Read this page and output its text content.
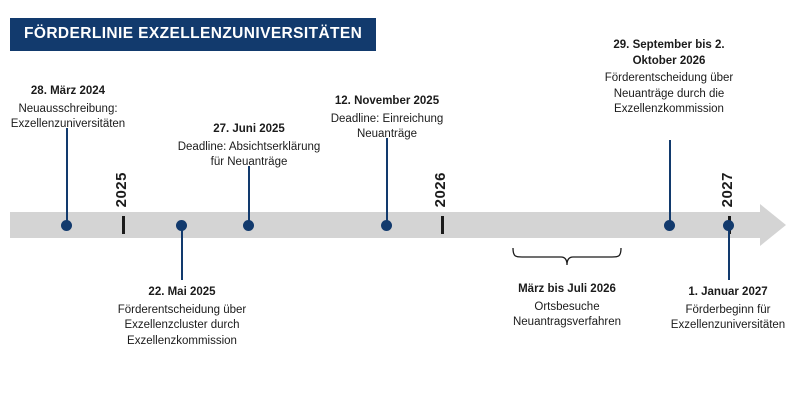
FÖRDERLINIE EXZELLENZUNIVERSITÄTEN
2025	2026	2027
28. März 2024
Neuausschreibung: Exzellenzuniversitäten
22. Mai 2025
Förderentscheidung über Exzellenzcluster durch Exzellenzkommission
27. Juni 2025
Deadline: Absichtserklärung für Neuanträge
12. November 2025
Deadline: Einreichung Neuanträge
29. September bis 2. Oktober 2026
Förderentscheidung über Neuanträge durch die Exzellenzkommission
1. Januar 2027
Förderbeginn für Exzellenzuniversitäten
März bis Juli 2026
Ortsbesuche Neuantragsverfahren
